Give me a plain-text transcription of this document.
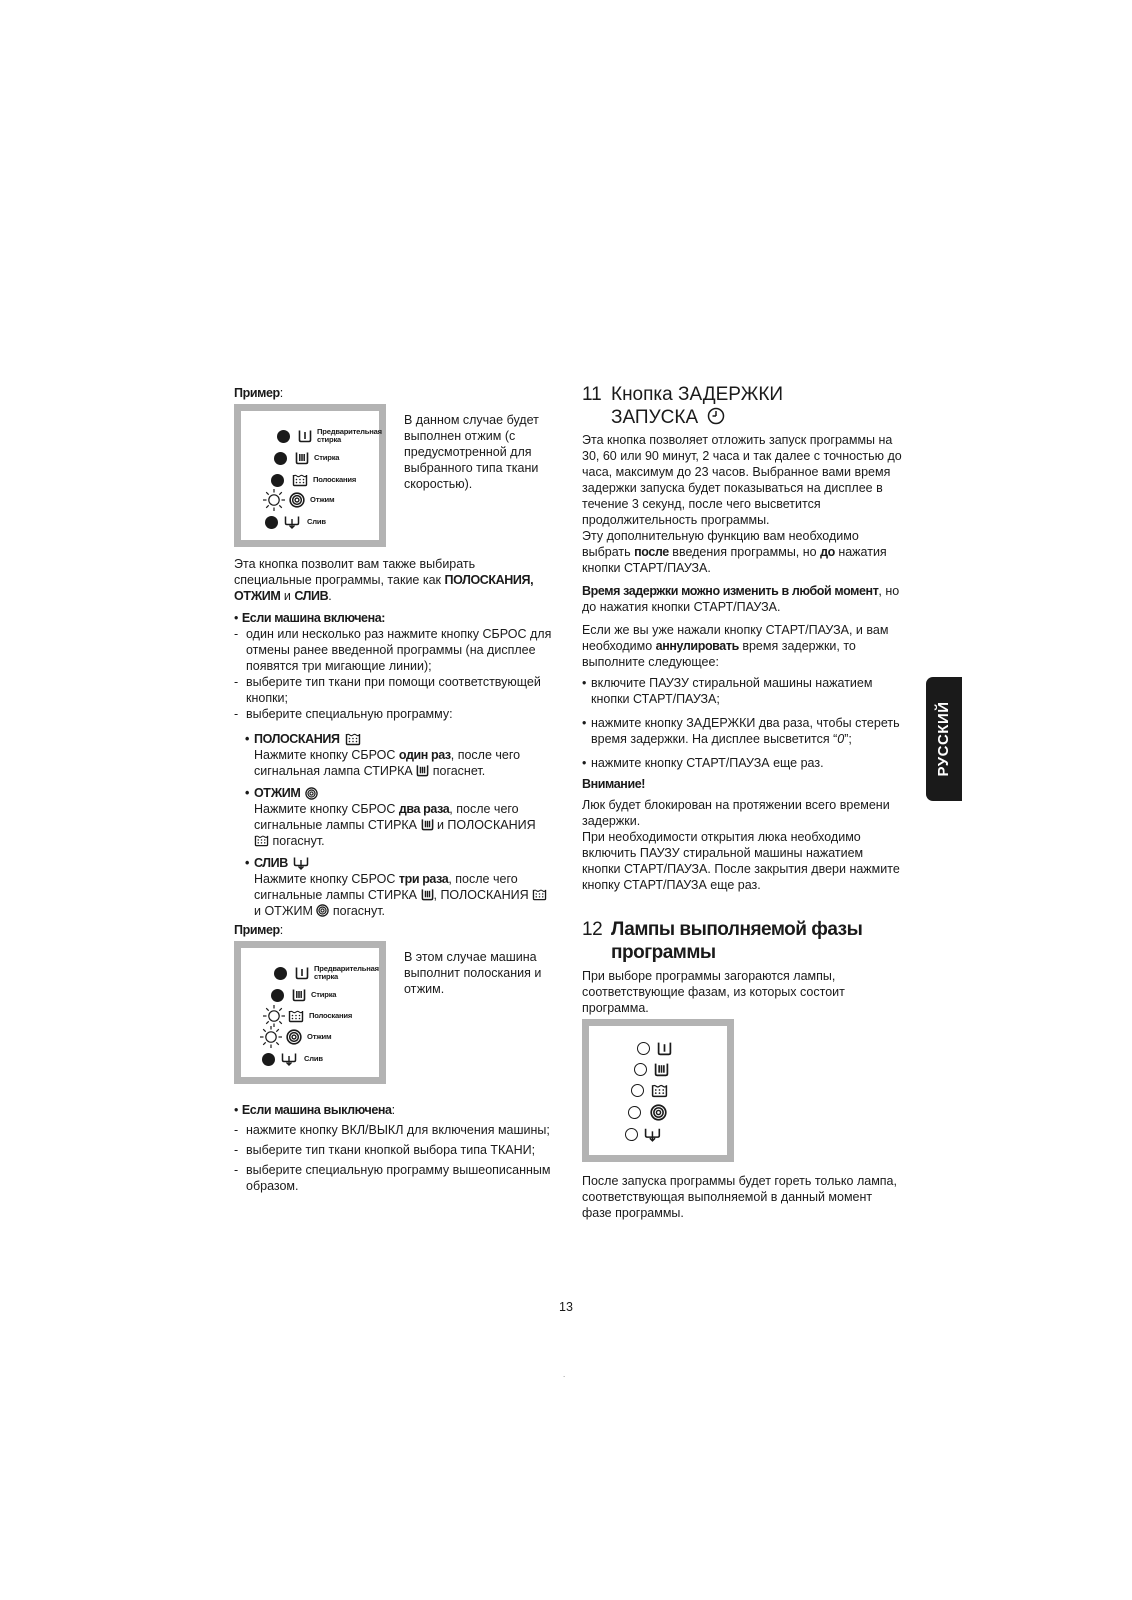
Пример:

Предварительная стирка
Стирка
Полоскания
Отжим
Слив

В данном случае будет выполнен отжим (с предусмотренной для выбранного типа ткани скоростью).

Эта кнопка позволит вам также выбирать специальные программы, такие как ПОЛОСКАНИЯ, ОТЖИМ и СЛИВ.

• Если машина включена:

- один или несколько раз нажмите кнопку СБРОС для отмены ранее введенной программы (на дисплее появятся три мигающие линии);
- выберите тип ткани при помощи соответствующей кнопки;
- выберите специальную программу:

• ПОЛОСКАНИЯ

Нажмите кнопку СБРОС один раз, после чего сигнальная лампа СТИРКА  погаснет.

• ОТЖИМ

Нажмите кнопку СБРОС два раза, после чего сигнальные лампы СТИРКА  и ПОЛОСКАНИЯ  погаснут.

• СЛИВ

Нажмите кнопку СБРОС три раза, после чего сигнальные лампы СТИРКА , ПОЛОСКАНИЯ  и ОТЖИМ  погаснут.

Пример:

Предварительная стирка
Стирка
Полоскания
Отжим
Слив

В этом случае машина выполнит полоскания и отжим.

• Если машина выключена:

- нажмите кнопку ВКЛ/ВЫКЛ для включения машины;
- выберите тип ткани кнопкой выбора типа ТКАНИ;
- выберите специальную программу вышеописанным образом.
11 Кнопка ЗАДЕРЖКИ
ЗАПУСКА

Эта кнопка позволяет отложить запуск программы на 30, 60 или 90 минут, 2 часа и так далее с точностью до часа, максимум до 23 часов. Выбранное вами время задержки запуска будет показываться на дисплее в течение 3 секунд, после чего высветится продолжительность программы.

Эту дополнительную функцию вам необходимо выбрать после введения программы, но до нажатия кнопки СТАРТ/ПАУЗА.

Время задержки можно изменить в любой момент, но до нажатия кнопки СТАРТ/ПАУЗА.

Если же вы уже нажали кнопку СТАРТ/ПАУЗА, и вам необходимо аннулировать время задержки, то выполните следующее:

• включите ПАУЗУ стиральной машины нажатием кнопки СТАРТ/ПАУЗА;
• нажмите кнопку ЗАДЕРЖКИ два раза, чтобы стереть время задержки. На дисплее высветится “0”;
• нажмите кнопку СТАРТ/ПАУЗА еще раз.

Внимание!

Люк будет блокирован на протяжении всего времени задержки.

При необходимости открытия люка необходимо включить ПАУЗУ стиральной машины нажатием кнопки СТАРТ/ПАУЗА. После закрытия двери нажмите кнопку СТАРТ/ПАУЗА еще раз.

12 Лампы выполняемой фазы
программы

При выборе программы загораются лампы, соответствующие фазам, из которых состоит программа.

После запуска программы будет гореть только лампа, соответствующая выполняемой в данный момент фазе программы.

РУССКИЙ
13
.
